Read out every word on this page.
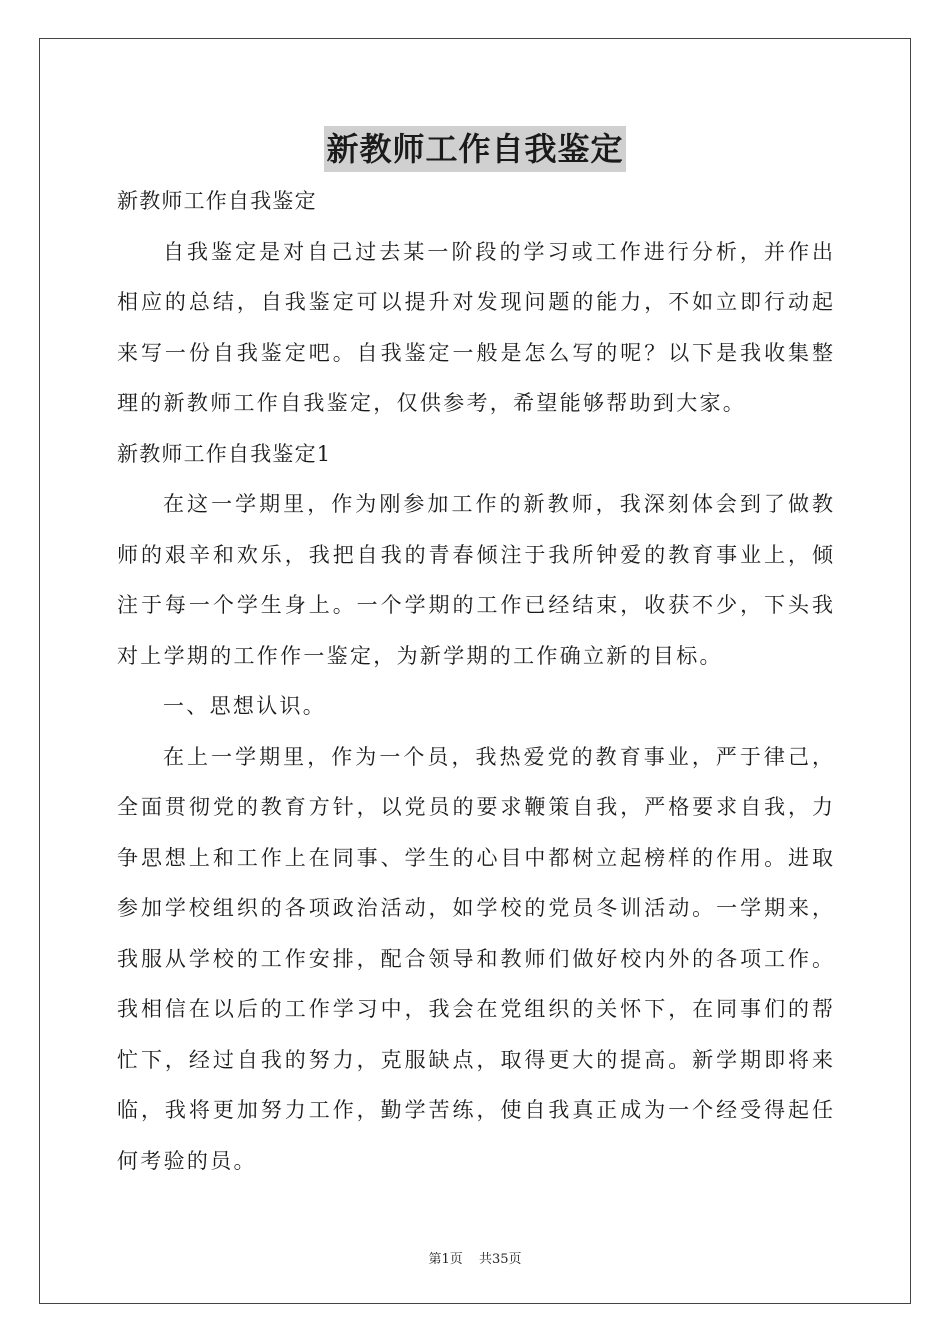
新教师工作自我鉴定
新教师工作自我鉴定
自我鉴定是对自己过去某一阶段的学习或工作进行分析，并作出
相应的总结，自我鉴定可以提升对发现问题的能力，不如立即行动起
来写一份自我鉴定吧。自我鉴定一般是怎么写的呢？以下是我收集整
理的新教师工作自我鉴定，仅供参考，希望能够帮助到大家。
新教师工作自我鉴定1
在这一学期里，作为刚参加工作的新教师，我深刻体会到了做教
师的艰辛和欢乐，我把自我的青春倾注于我所钟爱的教育事业上，倾
注于每一个学生身上。一个学期的工作已经结束，收获不少，下头我
对上学期的工作作一鉴定，为新学期的工作确立新的目标。
一、思想认识。
在上一学期里，作为一个员，我热爱党的教育事业，严于律己，
全面贯彻党的教育方针，以党员的要求鞭策自我，严格要求自我，力
争思想上和工作上在同事、学生的心目中都树立起榜样的作用。进取
参加学校组织的各项政治活动，如学校的党员冬训活动。一学期来，
我服从学校的工作安排，配合领导和教师们做好校内外的各项工作。
我相信在以后的工作学习中，我会在党组织的关怀下，在同事们的帮
忙下，经过自我的努力，克服缺点，取得更大的提高。新学期即将来
临，我将更加努力工作，勤学苦练，使自我真正成为一个经受得起任
何考验的员。
第1页 共35页
